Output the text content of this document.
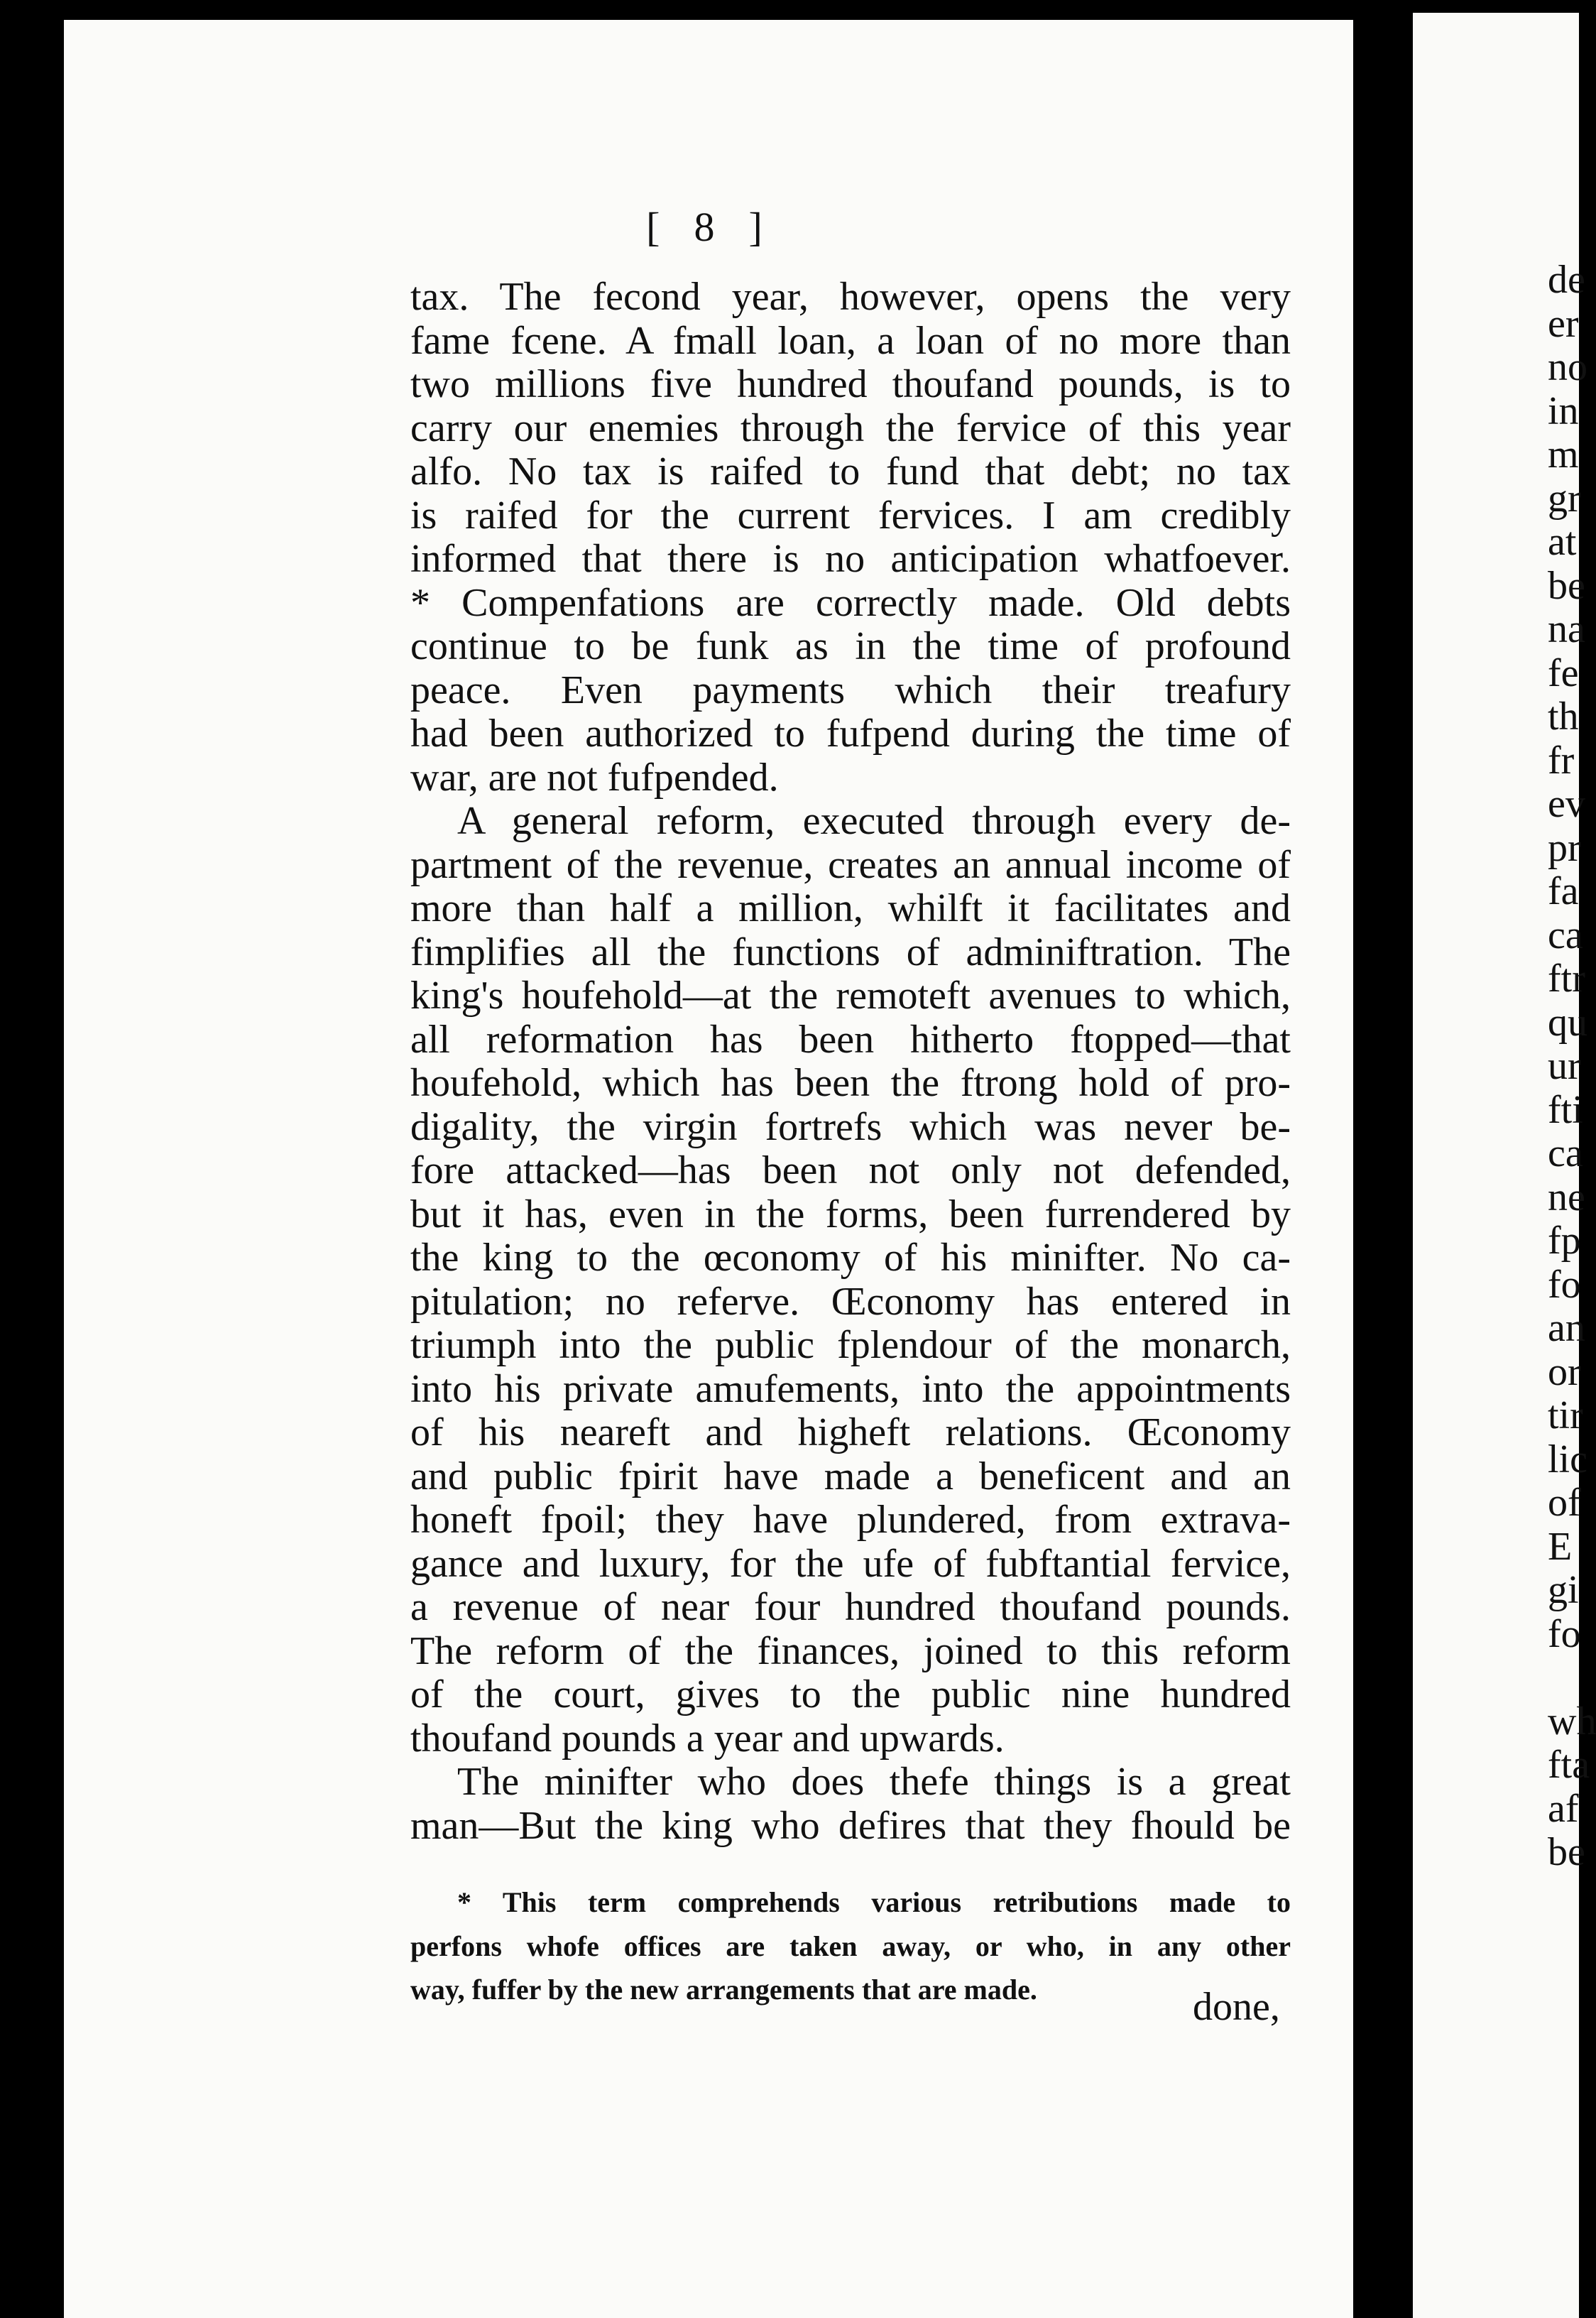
[ 8 ]
tax. The fecond year, however, opens the very
fame fcene. A fmall loan, a loan of no more than
two millions five hundred thoufand pounds, is to
carry our enemies through the fervice of this year
alfo. No tax is raifed to fund that debt; no tax
is raifed for the current fervices. I am credibly
informed that there is no anticipation whatfoever.
* Compenfations are correctly made. Old debts
continue to be funk as in the time of profound
peace. Even payments which their treafury
had been authorized to fufpend during the time of
war, are not fufpended.
A general reform, executed through every de-
partment of the revenue, creates an annual income of
more than half a million, whilft it facilitates and
fimplifies all the functions of adminiftration. The
king's houfehold—at the remoteft avenues to which,
all reformation has been hitherto ftopped—that
houfehold, which has been the ftrong hold of pro-
digality, the virgin fortrefs which was never be-
fore attacked—has been not only not defended,
but it has, even in the forms, been furrendered by
the king to the œconomy of his minifter. No ca-
pitulation; no referve. Œconomy has entered in
triumph into the public fplendour of the monarch,
into his private amufements, into the appointments
of his neareft and higheft relations. Œconomy
and public fpirit have made a beneficent and an
honeft fpoil; they have plundered, from extrava-
gance and luxury, for the ufe of fubftantial fervice,
a revenue of near four hundred thoufand pounds.
The reform of the finances, joined to this reform
of the court, gives to the public nine hundred
thoufand pounds a year and upwards.
The minifter who does thefe things is a great
man—But the king who defires that they fhould be
* This term comprehends various retributions made to
perfons whofe offices are taken away, or who, in any other
way, fuffer by the new arrangements that are made.	done,
de
er
no
in
m
gr
at
be
na
fe
th
fr
ev
pr
fa
ca
ftr
qu
ur
fti
ca
ne
fp
fo
an
or
tir
lic
of
E
gi
fo
wh
fta
af
be
